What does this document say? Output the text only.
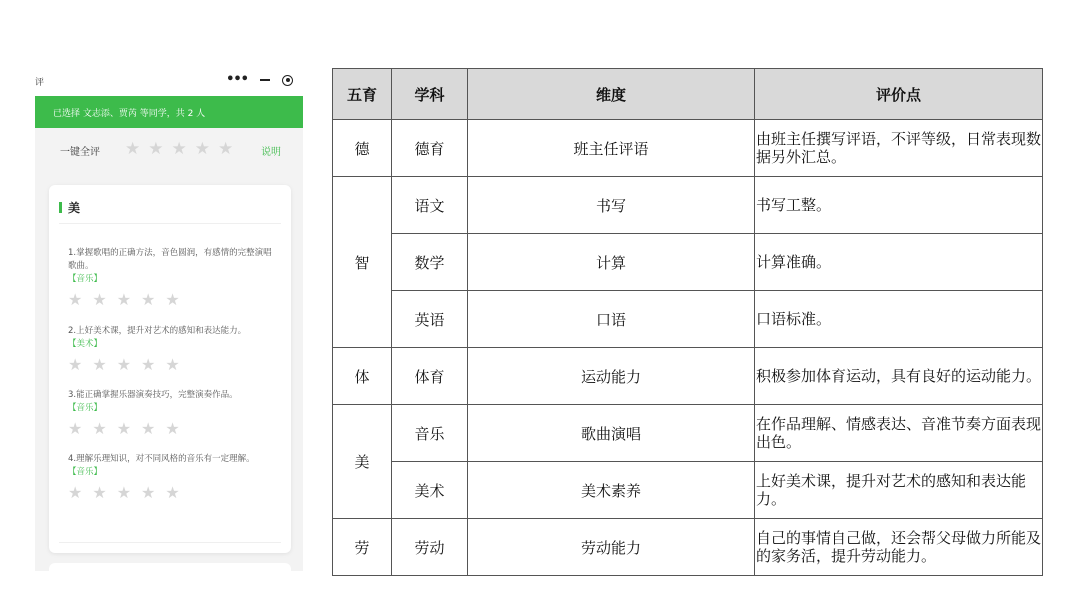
评	•••
已选择 文志添、贾芮 等同学，共 2 人
一键全评 ★ ★ ★ ★ ★	说明
美
1.掌握歌唱的正确方法，音色圆润，有感情的完整演唱歌曲。
【音乐】
★ ★ ★ ★ ★
2.上好美术课，提升对艺术的感知和表达能力。
【美术】
★ ★ ★ ★ ★
3.能正确掌握乐器演奏技巧，完整演奏作品。
【音乐】
★ ★ ★ ★ ★
4.理解乐理知识，对不同风格的音乐有一定理解。
【音乐】
★ ★ ★ ★ ★
五育	学科	维度	评价点
德	德育	班主任评语	由班主任撰写评语，不评等级，日常表现数据另外汇总。
智	语文	书写	书写工整。
	数学	计算	计算准确。
	英语	口语	口语标准。
体	体育	运动能力	积极参加体育运动，具有良好的运动能力。
美	音乐	歌曲演唱	在作品理解、情感表达、音准节奏方面表现出色。
	美术	美术素养	上好美术课，提升对艺术的感知和表达能力。
劳	劳动	劳动能力	自己的事情自己做，还会帮父母做力所能及的家务活，提升劳动能力。
